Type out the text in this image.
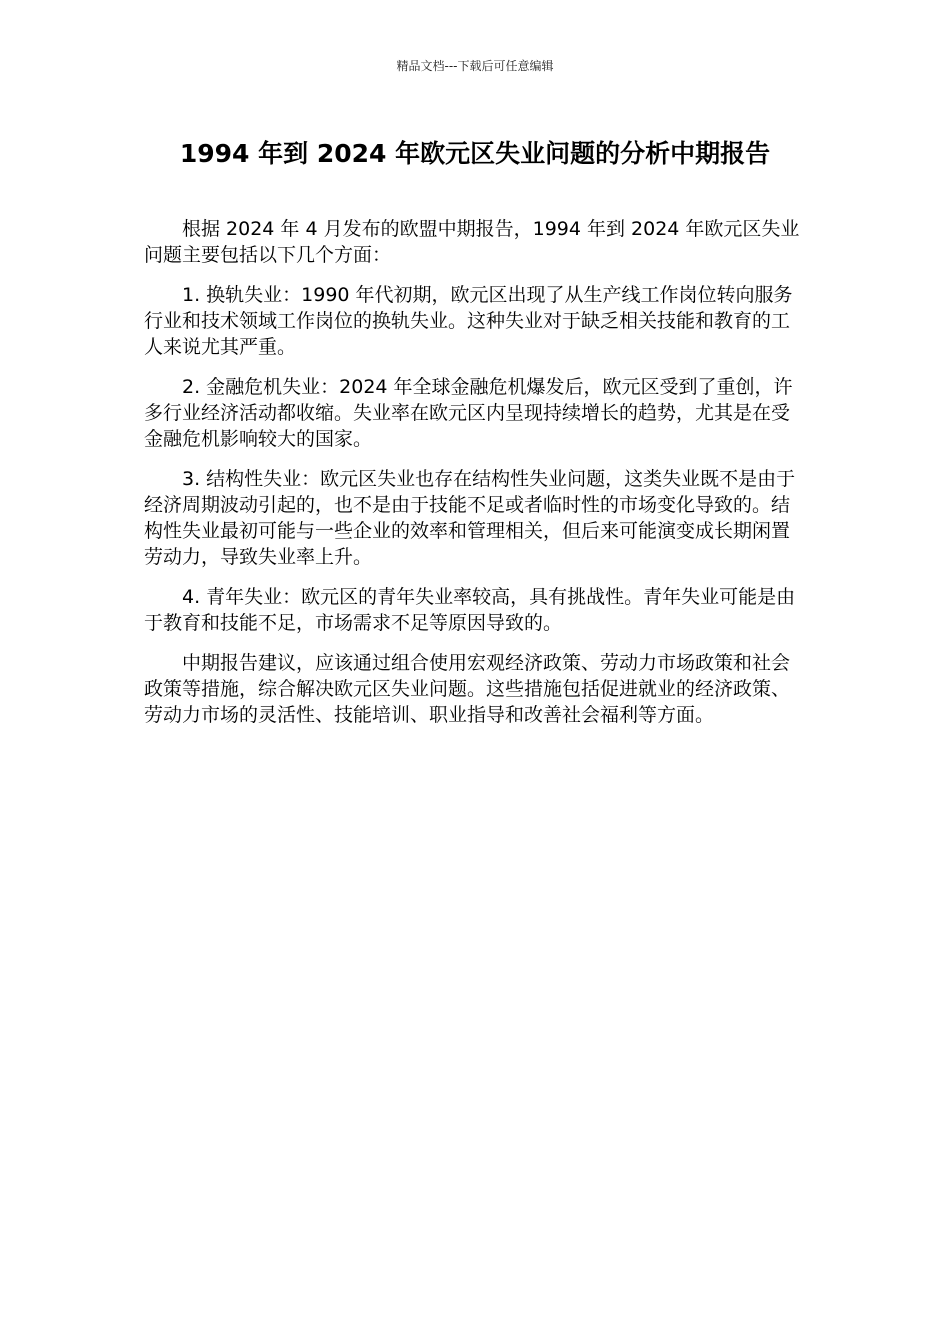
精品文档---下载后可任意编辑
1994 年到 2024 年欧元区失业问题的分析中期报告

根据 2024 年 4 月发布的欧盟中期报告，1994 年到 2024 年欧元区失业问题主要包括以下几个方面：

1. 换轨失业：1990 年代初期，欧元区出现了从生产线工作岗位转向服务行业和技术领域工作岗位的换轨失业。这种失业对于缺乏相关技能和教育的工人来说尤其严重。

2. 金融危机失业：2024 年全球金融危机爆发后，欧元区受到了重创，许多行业经济活动都收缩。失业率在欧元区内呈现持续增长的趋势，尤其是在受金融危机影响较大的国家。

3. 结构性失业：欧元区失业也存在结构性失业问题，这类失业既不是由于经济周期波动引起的，也不是由于技能不足或者临时性的市场变化导致的。结构性失业最初可能与一些企业的效率和管理相关，但后来可能演变成长期闲置劳动力，导致失业率上升。

4. 青年失业：欧元区的青年失业率较高，具有挑战性。青年失业可能是由于教育和技能不足，市场需求不足等原因导致的。

中期报告建议，应该通过组合使用宏观经济政策、劳动力市场政策和社会政策等措施，综合解决欧元区失业问题。这些措施包括促进就业的经济政策、劳动力市场的灵活性、技能培训、职业指导和改善社会福利等方面。
